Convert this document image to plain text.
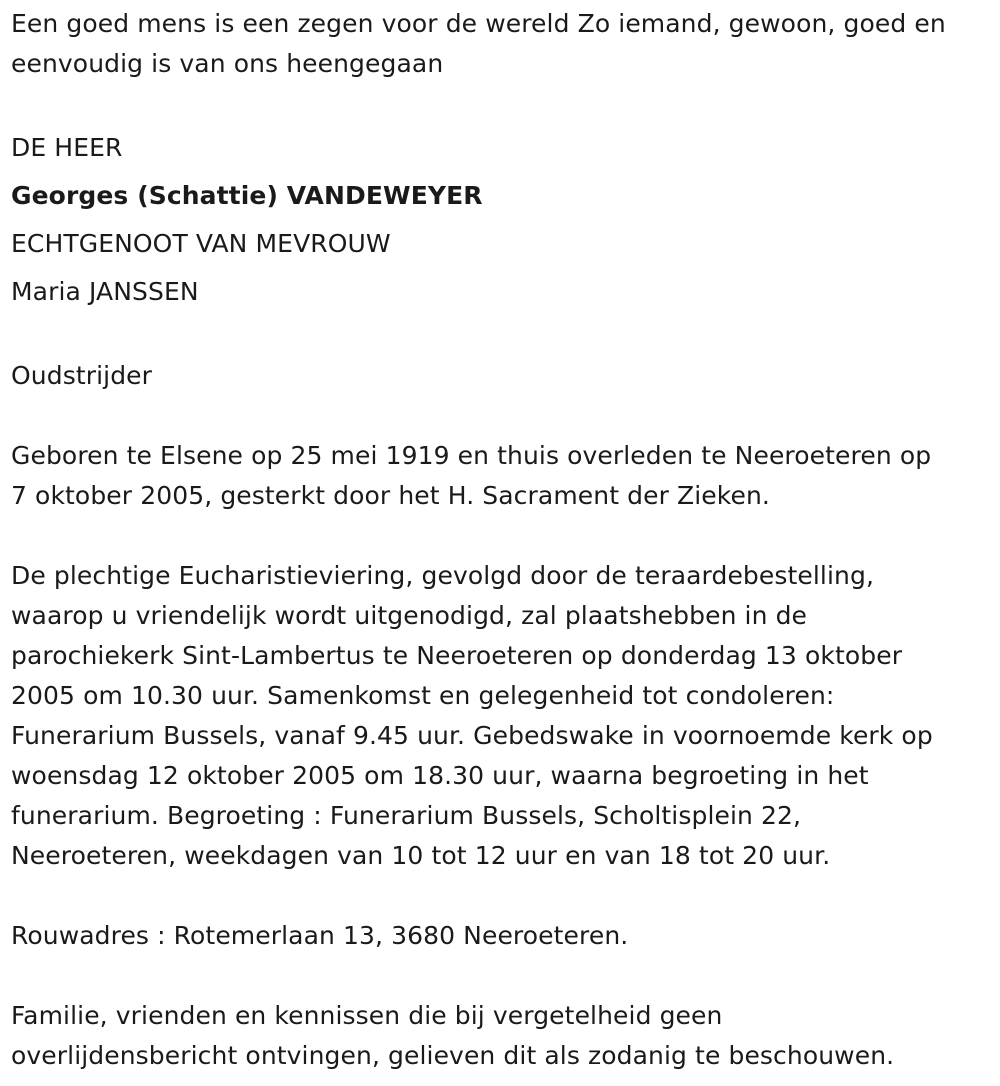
Een goed mens is een zegen voor de wereld Zo iemand, gewoon, goed en
eenvoudig is van ons heengegaan

DE HEER

Georges (Schattie) VANDEWEYER

ECHTGENOOT VAN MEVROUW

Maria JANSSEN

Oudstrijder

Geboren te Elsene op 25 mei 1919 en thuis overleden te Neeroeteren op
7 oktober 2005, gesterkt door het H. Sacrament der Zieken.

De plechtige Eucharistieviering, gevolgd door de teraardebestelling,
waarop u vriendelijk wordt uitgenodigd, zal plaatshebben in de
parochiekerk Sint-Lambertus te Neeroeteren op donderdag 13 oktober
2005 om 10.30 uur. Samenkomst en gelegenheid tot condoleren:
Funerarium Bussels, vanaf 9.45 uur. Gebedswake in voornoemde kerk op
woensdag 12 oktober 2005 om 18.30 uur, waarna begroeting in het
funerarium. Begroeting : Funerarium Bussels, Scholtisplein 22,
Neeroeteren, weekdagen van 10 tot 12 uur en van 18 tot 20 uur.

Rouwadres : Rotemerlaan 13, 3680 Neeroeteren.

Familie, vrienden en kennissen die bij vergetelheid geen
overlijdensbericht ontvingen, gelieven dit als zodanig te beschouwen.
